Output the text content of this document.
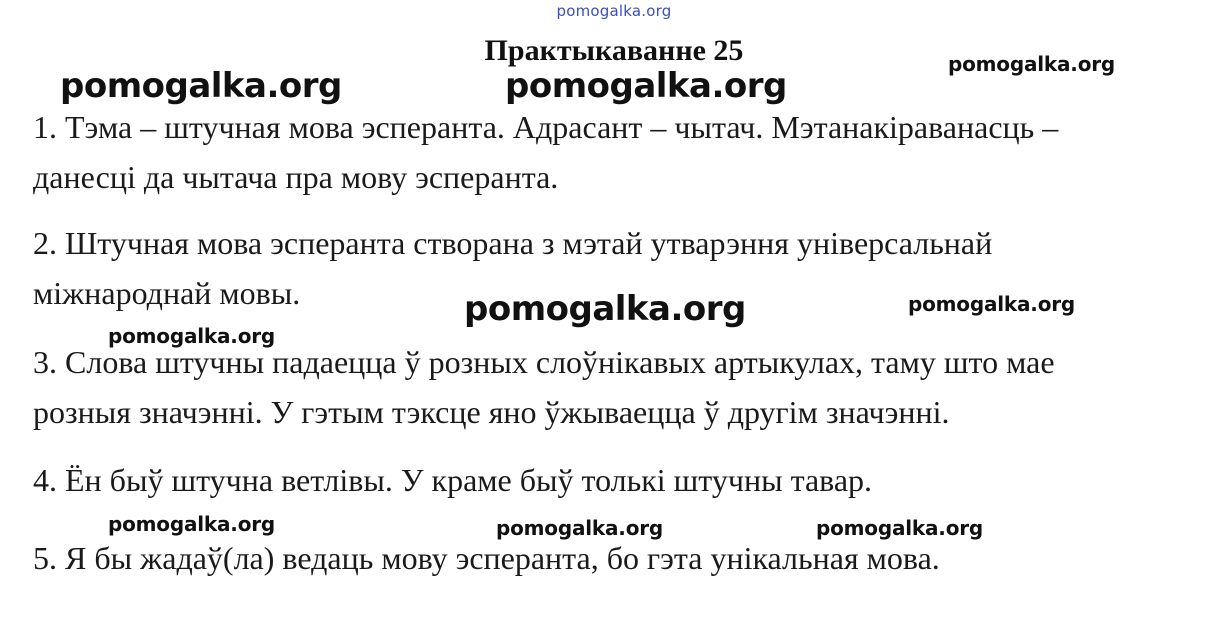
pomogalka.org
Практыкаванне 25
pomogalka.org	pomogalka.org
pomogalka.org
1. Тэма – штучная мова эсперанта. Адрасант – чытач. Мэтанакіраванасць –
данесці да чытача пра мову эсперанта.
2. Штучная мова эсперанта створана з мэтай утварэння універсальнай
міжнароднай мовы.	pomogalka.org	pomogalka.org
pomogalka.org
3. Слова штучны падаецца ў розных слоўнікавых артыкулах, таму што мае
розныя значэнні. У гэтым тэксце яно ўжываецца ў другім значэнні.
4. Ён быў штучна ветлівы. У краме быў толькі штучны тавар.
pomogalka.org	pomogalka.org	pomogalka.org
5. Я бы жадаў(ла) ведаць мову эсперанта, бо гэта унікальная мова.
